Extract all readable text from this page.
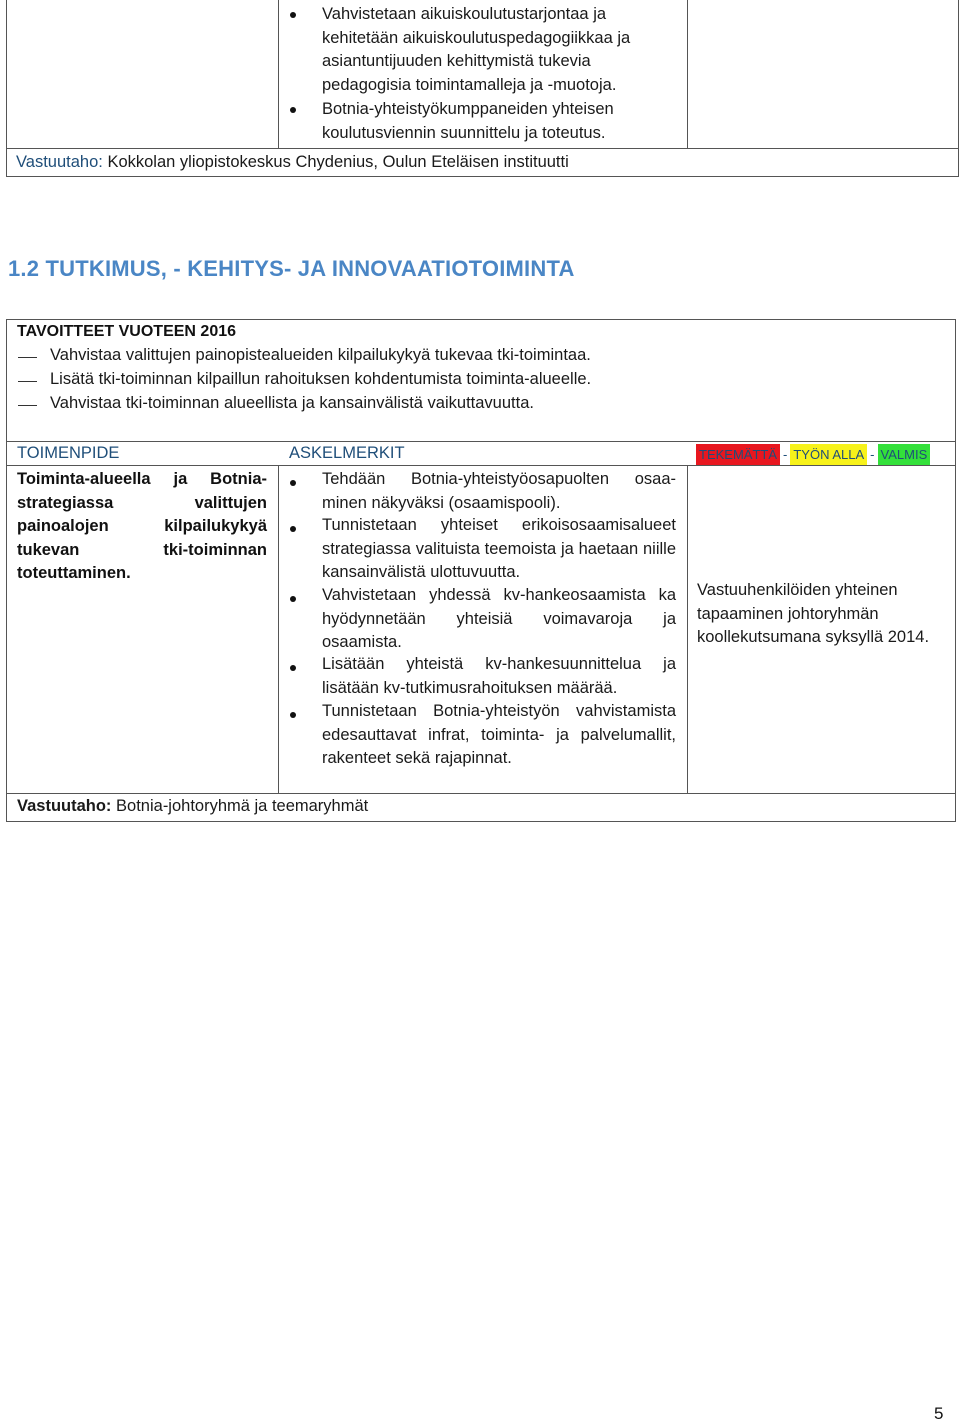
Vahvistetaan aikuiskoulutustarjontaa ja kehitetään aikuiskoulutuspedagogiikkaa ja asiantuntijuuden kehittymistä tukevia pedagogisia toimintamalleja ja -muotoja.
Botnia-yhteistyökumppaneiden yhteisen koulutusviennin suunnittelu ja toteutus.
Vastuutaho: Kokkolan yliopistokeskus Chydenius, Oulun Eteläisen instituutti
1.2 TUTKIMUS, - KEHITYS- JA INNOVAATIOTOIMINTA
TAVOITTEET VUOTEEN 2016
Vahvistaa valittujen painopistealueiden kilpailukykyä tukevaa tki-toimintaa.
Lisätä tki-toiminnan kilpaillun rahoituksen kohdentumista toiminta-alueelle.
Vahvistaa tki-toiminnan alueellista ja kansainvälistä vaikuttavuutta.
TOIMENPIDE	ASKELMERKIT	TEKEMÄTTÄ - TYÖN ALLA - VALMIS
Toiminta-alueella ja Botnia-strategiassa valittujen painoalojen kilpailukykyä tukevan tki-toiminnan toteuttaminen.
Tehdään Botnia-yhteistyöosapuolten osaa-minen näkyväksi (osaamispooli).
Tunnistetaan yhteiset erikoisosaamisalueet strategiassa valituista teemoista ja haetaan niille kansainvälistä ulottuvuutta.
Vahvistetaan yhdessä kv-hankeosaamista ka hyödynnetään yhteisiä voimavaroja ja osaamista.
Lisätään yhteistä kv-hankesuunnittelua ja lisätään kv-tutkimusrahoituksen määrää.
Tunnistetaan Botnia-yhteistyön vahvistamista edesauttavat infrat, toiminta- ja palvelumallit, rakenteet sekä rajapinnat.
Vastuuhenkilöiden yhteinen tapaaminen johtoryhmän koollekutsumana syksyllä 2014.
Vastuutaho: Botnia-johtoryhmä ja teemaryhmät
5
